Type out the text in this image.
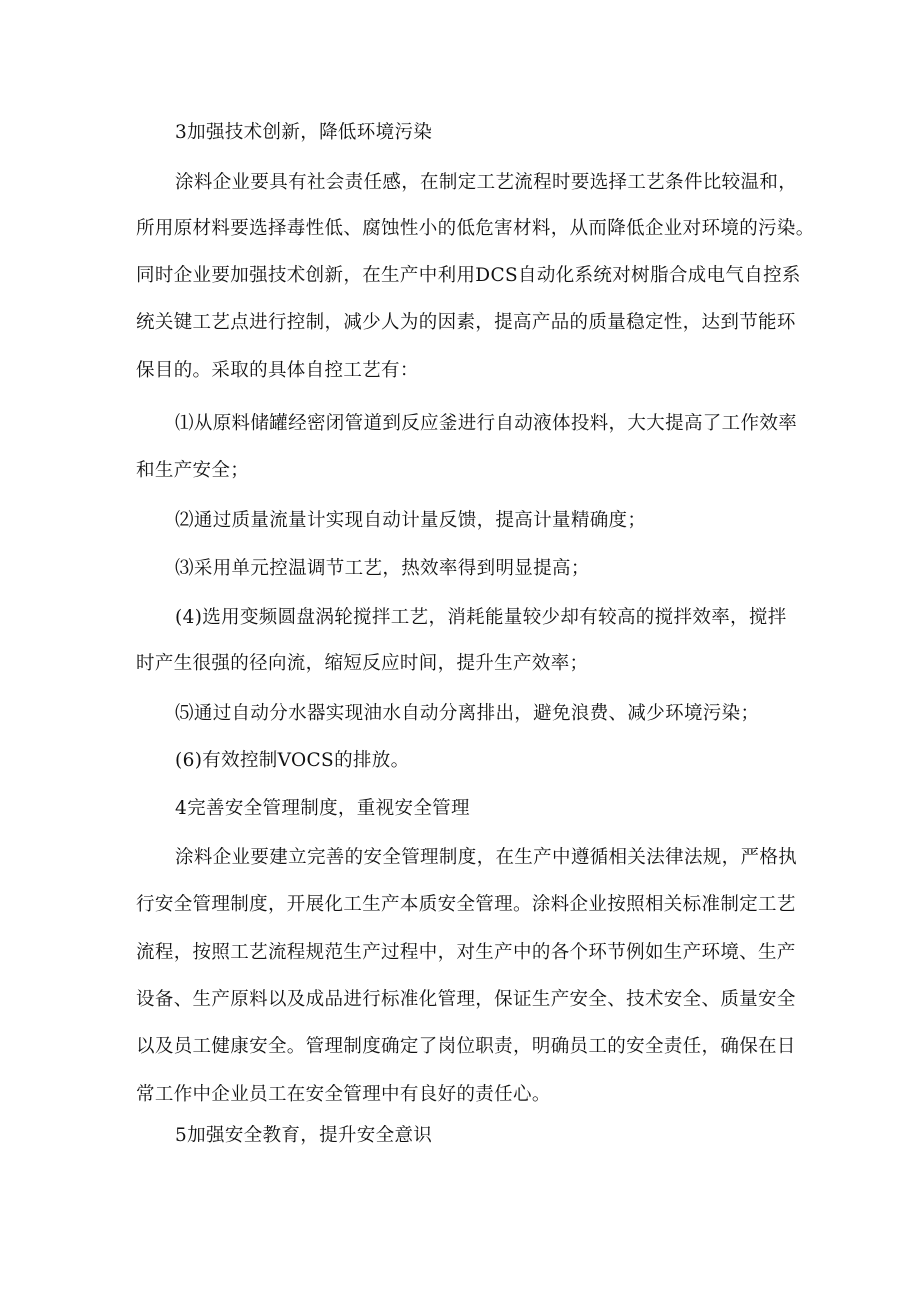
3加强技术创新，降低环境污染
涂料企业要具有社会责任感，在制定工艺流程时要选择工艺条件比较温和，
所用原材料要选择毒性低、腐蚀性小的低危害材料，从而降低企业对环境的污染。
同时企业要加强技术创新，在生产中利用DCS自动化系统对树脂合成电气自控系
统关键工艺点进行控制，减少人为的因素，提高产品的质量稳定性，达到节能环
保目的。采取的具体自控工艺有：
⑴从原料储罐经密闭管道到反应釜进行自动液体投料，大大提高了工作效率
和生产安全；
⑵通过质量流量计实现自动计量反馈，提高计量精确度；
⑶采用单元控温调节工艺，热效率得到明显提高；
(4)选用变频圆盘涡轮搅拌工艺，消耗能量较少却有较高的搅拌效率，搅拌
时产生很强的径向流，缩短反应时间，提升生产效率；
⑸通过自动分水器实现油水自动分离排出，避免浪费、减少环境污染；
(6)有效控制VOCS的排放。
4完善安全管理制度，重视安全管理
涂料企业要建立完善的安全管理制度，在生产中遵循相关法律法规，严格执
行安全管理制度，开展化工生产本质安全管理。涂料企业按照相关标准制定工艺
流程，按照工艺流程规范生产过程中，对生产中的各个环节例如生产环境、生产
设备、生产原料以及成品进行标准化管理，保证生产安全、技术安全、质量安全
以及员工健康安全。管理制度确定了岗位职责，明确员工的安全责任，确保在日
常工作中企业员工在安全管理中有良好的责任心。
5加强安全教育，提升安全意识
